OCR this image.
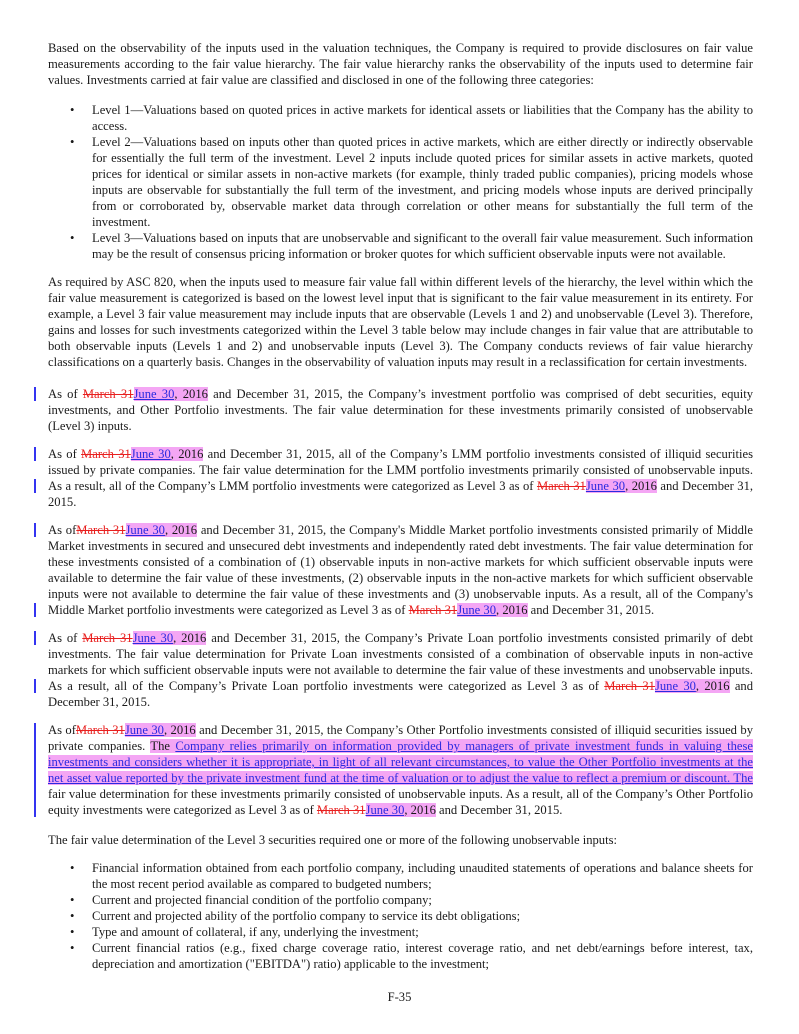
Based on the observability of the inputs used in the valuation techniques, the Company is required to provide disclosures on fair value measurements according to the fair value hierarchy. The fair value hierarchy ranks the observability of the inputs used to determine fair values. Investments carried at fair value are classified and disclosed in one of the following three categories:

• Level 1—Valuations based on quoted prices in active markets for identical assets or liabilities that the Company has the ability to access.
• Level 2—Valuations based on inputs other than quoted prices in active markets, which are either directly or indirectly observable for essentially the full term of the investment. Level 2 inputs include quoted prices for similar assets in active markets, quoted prices for identical or similar assets in non-active markets (for example, thinly traded public companies), pricing models whose inputs are observable for substantially the full term of the investment, and pricing models whose inputs are derived principally from or corroborated by, observable market data through correlation or other means for substantially the full term of the investment.
• Level 3—Valuations based on inputs that are unobservable and significant to the overall fair value measurement. Such information may be the result of consensus pricing information or broker quotes for which sufficient observable inputs were not available.

As required by ASC 820, when the inputs used to measure fair value fall within different levels of the hierarchy, the level within which the fair value measurement is categorized is based on the lowest level input that is significant to the fair value measurement in its entirety. For example, a Level 3 fair value measurement may include inputs that are observable (Levels 1 and 2) and unobservable (Level 3). Therefore, gains and losses for such investments categorized within the Level 3 table below may include changes in fair value that are attributable to both observable inputs (Levels 1 and 2) and unobservable inputs (Level 3). The Company conducts reviews of fair value hierarchy classifications on a quarterly basis. Changes in the observability of valuation inputs may result in a reclassification for certain investments.

As of March 31June 30, 2016 and December 31, 2015, the Company’s investment portfolio was comprised of debt securities, equity investments, and Other Portfolio investments. The fair value determination for these investments primarily consisted of unobservable (Level 3) inputs.

As of March 31June 30, 2016 and December 31, 2015, all of the Company’s LMM portfolio investments consisted of illiquid securities issued by private companies. The fair value determination for the LMM portfolio investments primarily consisted of unobservable inputs. As a result, all of the Company’s LMM portfolio investments were categorized as Level 3 as of March 31June 30, 2016 and December 31, 2015.

As ofMarch 31June 30, 2016 and December 31, 2015, the Company's Middle Market portfolio investments consisted primarily of Middle Market investments in secured and unsecured debt investments and independently rated debt investments. The fair value determination for these investments consisted of a combination of (1) observable inputs in non-active markets for which sufficient observable inputs were available to determine the fair value of these investments, (2) observable inputs in the non-active markets for which sufficient observable inputs were not available to determine the fair value of these investments and (3) unobservable inputs. As a result, all of the Company's Middle Market portfolio investments were categorized as Level 3 as of March 31June 30, 2016 and December 31, 2015.

As of March 31June 30, 2016 and December 31, 2015, the Company’s Private Loan portfolio investments consisted primarily of debt investments. The fair value determination for Private Loan investments consisted of a combination of observable inputs in non-active markets for which sufficient observable inputs were not available to determine the fair value of these investments and unobservable inputs. As a result, all of the Company’s Private Loan portfolio investments were categorized as Level 3 as of March 31June 30, 2016 and December 31, 2015.

As ofMarch 31June 30, 2016 and December 31, 2015, the Company’s Other Portfolio investments consisted of illiquid securities issued by private companies. The Company relies primarily on information provided by managers of private investment funds in valuing these investments and considers whether it is appropriate, in light of all relevant circumstances, to value the Other Portfolio investments at the net asset value reported by the private investment fund at the time of valuation or to adjust the value to reflect a premium or discount. The fair value determination for these investments primarily consisted of unobservable inputs. As a result, all of the Company’s Other Portfolio equity investments were categorized as Level 3 as of March 31June 30, 2016 and December 31, 2015.

The fair value determination of the Level 3 securities required one or more of the following unobservable inputs:

• Financial information obtained from each portfolio company, including unaudited statements of operations and balance sheets for the most recent period available as compared to budgeted numbers;
• Current and projected financial condition of the portfolio company;
• Current and projected ability of the portfolio company to service its debt obligations;
• Type and amount of collateral, if any, underlying the investment;
• Current financial ratios (e.g., fixed charge coverage ratio, interest coverage ratio, and net debt/earnings before interest, tax, depreciation and amortization ("EBITDA") ratio) applicable to the investment;
F-35
